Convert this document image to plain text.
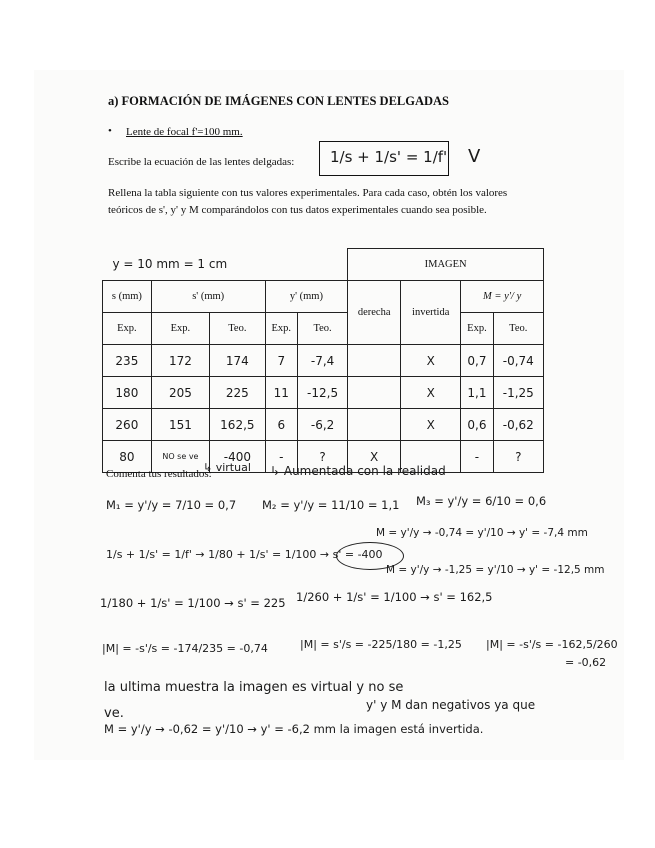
a) FORMACIÓN DE IMÁGENES CON LENTES DELGADAS
• Lente de focal f'=100 mm.
Escribe la ecuación de las lentes delgadas: 1/s + 1/s' = 1/f' V
Rellena la tabla siguiente con tus valores experimentales. Para cada caso, obtén los valores teóricos de s', y' y M comparándolos con tus datos experimentales cuando sea posible.
y = 10 mm = 1 cm					IMAGEN			
s (mm)	s' (mm)		y' (mm)		derecha	invertida	M = y'/ y	
Exp.	Exp.	Teo.	Exp.	Teo.			Exp.	Teo.
235	172	174	7	-7,4		X	0,7	-0,74
180	205	225	11	-12,5		X	1,1	-1,25
260	151	162,5	6	-6,2		X	0,6	-0,62
80	NO se ve	-400	-	?	X		-	?
↳ virtual ↳ Aumentada con la realidad
Comenta tus resultados:
M₁ = y'/y = 7/10 = 0,7 M₂ = y'/y = 11/10 = 1,1 M₃ = y'/y = 6/10 = 0,6
M = y'/y → -0,74 = y'/10 → y' = -7,4 mm
1/s + 1/s' = 1/f' → 1/80 + 1/s' = 1/100 → s' = -400
M = y'/y → -1,25 = y'/10 → y' = -12,5 mm
1/180 + 1/s' = 1/100 → s' = 225 1/260 + 1/s' = 1/100 → s' = 162,5
|M| = -s'/s = -174/235 = -0,74	|M| = s'/s = -225/180 = -1,25 |M| = -s'/s = -162,5/260
= -0,62
la ultima muestra la imagen es virtual y no se
ve.
y' y M dan negativos ya que
M = y'/y → -0,62 = y'/10 → y' = -6,2 mm la imagen está invertida.
